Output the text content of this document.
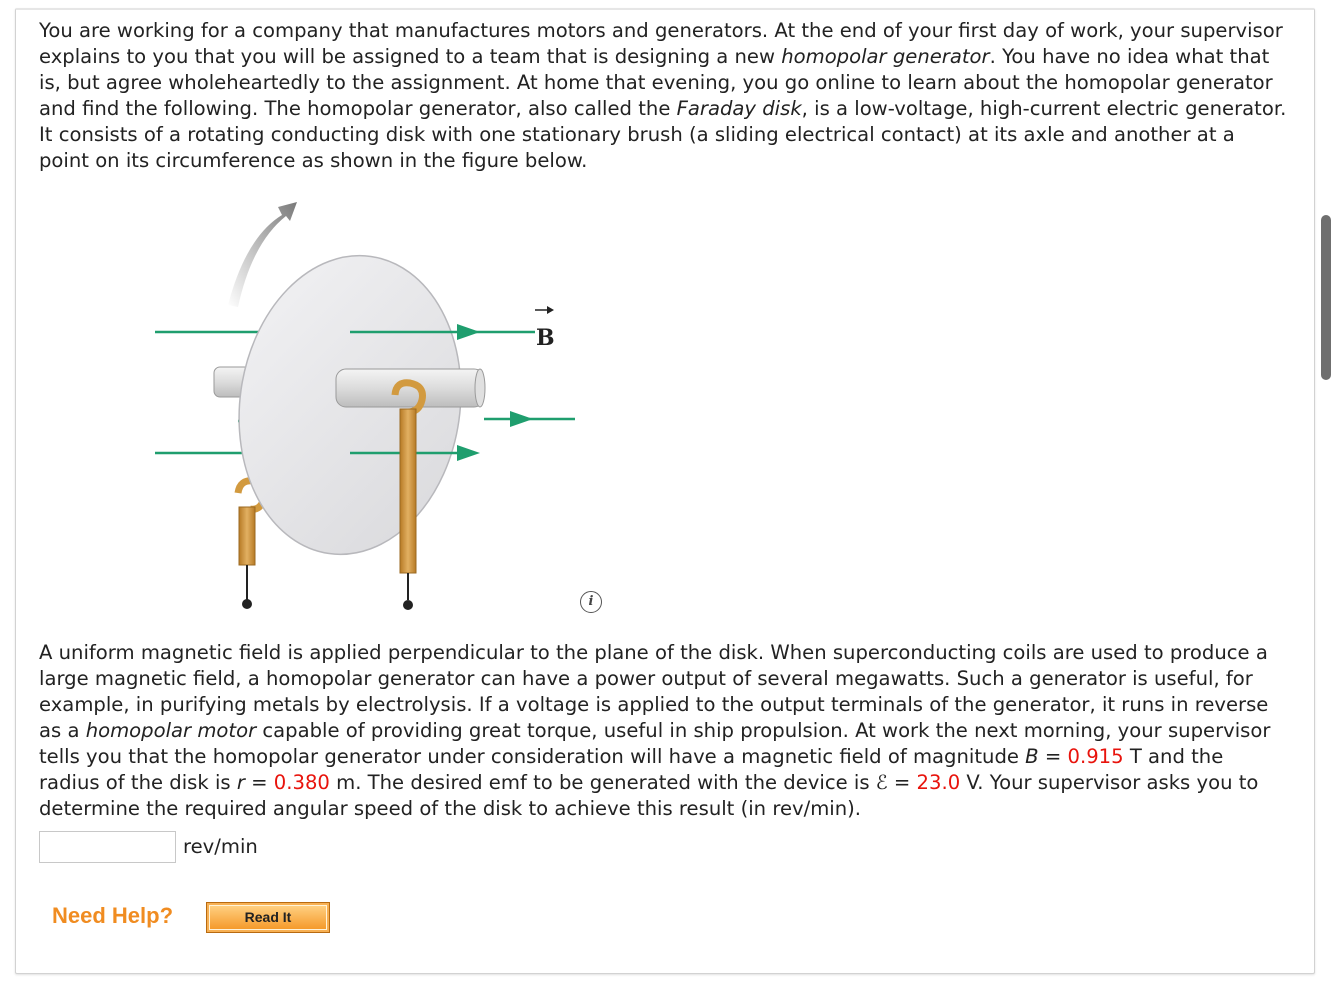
You are working for a company that manufactures motors and generators. At the end of your first day of work, your supervisor explains to you that you will be assigned to a team that is designing a new homopolar generator. You have no idea what that is, but agree wholeheartedly to the assignment. At home that evening, you go online to learn about the homopolar generator and find the following. The homopolar generator, also called the Faraday disk, is a low-voltage, high-current electric generator. It consists of a rotating conducting disk with one stationary brush (a sliding electrical contact) at its axle and another at a point on its circumference as shown in the figure below.

B
i

A uniform magnetic field is applied perpendicular to the plane of the disk. When superconducting coils are used to produce a large magnetic field, a homopolar generator can have a power output of several megawatts. Such a generator is useful, for example, in purifying metals by electrolysis. If a voltage is applied to the output terminals of the generator, it runs in reverse as a homopolar motor capable of providing great torque, useful in ship propulsion. At work the next morning, your supervisor tells you that the homopolar generator under consideration will have a magnetic field of magnitude B = 0.915 T and the radius of the disk is r = 0.380 m. The desired emf to be generated with the device is ℰ = 23.0 V. Your supervisor asks you to determine the required angular speed of the disk to achieve this result (in rev/min).

rev/min
Need Help?	Read It
